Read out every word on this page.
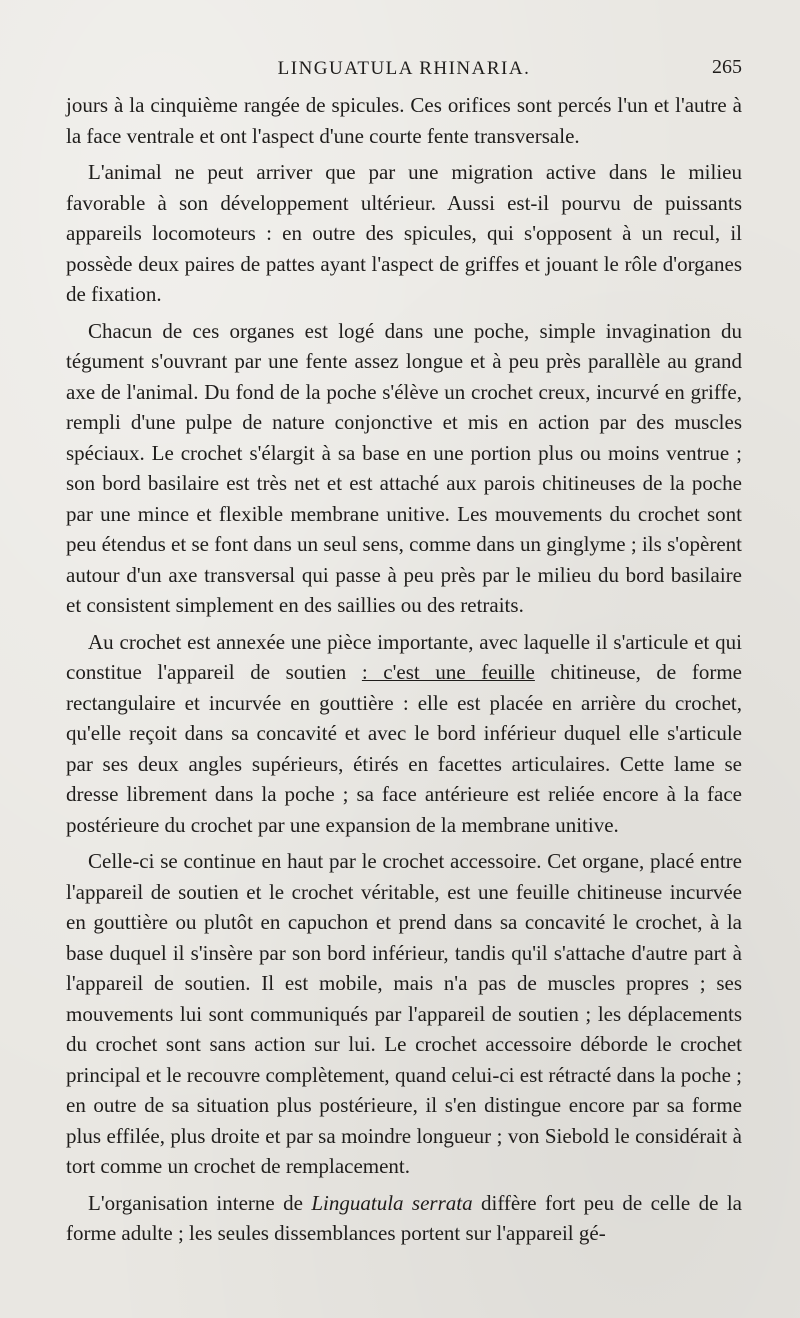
LINGUATULA RHINARIA.	265

jours à la cinquième rangée de spicules. Ces orifices sont percés l'un et l'autre à la face ventrale et ont l'aspect d'une courte fente transversale.

L'animal ne peut arriver que par une migration active dans le milieu favorable à son développement ultérieur. Aussi est-il pourvu de puissants appareils locomoteurs : en outre des spicules, qui s'opposent à un recul, il possède deux paires de pattes ayant l'aspect de griffes et jouant le rôle d'organes de fixation.

Chacun de ces organes est logé dans une poche, simple invagination du tégument s'ouvrant par une fente assez longue et à peu près parallèle au grand axe de l'animal. Du fond de la poche s'élève un crochet creux, incurvé en griffe, rempli d'une pulpe de nature conjonctive et mis en action par des muscles spéciaux. Le crochet s'élargit à sa base en une portion plus ou moins ventrue ; son bord basilaire est très net et est attaché aux parois chitineuses de la poche par une mince et flexible membrane unitive. Les mouvements du crochet sont peu étendus et se font dans un seul sens, comme dans un ginglyme ; ils s'opèrent autour d'un axe transversal qui passe à peu près par le milieu du bord basilaire et consistent simplement en des saillies ou des retraits.

Au crochet est annexée une pièce importante, avec laquelle il s'articule et qui constitue l'appareil de soutien : c'est une feuille chitineuse, de forme rectangulaire et incurvée en gouttière : elle est placée en arrière du crochet, qu'elle reçoit dans sa concavité et avec le bord inférieur duquel elle s'articule par ses deux angles supérieurs, étirés en facettes articulaires. Cette lame se dresse librement dans la poche ; sa face antérieure est reliée encore à la face postérieure du crochet par une expansion de la membrane unitive.

Celle-ci se continue en haut par le crochet accessoire. Cet organe, placé entre l'appareil de soutien et le crochet véritable, est une feuille chitineuse incurvée en gouttière ou plutôt en capuchon et prend dans sa concavité le crochet, à la base duquel il s'insère par son bord inférieur, tandis qu'il s'attache d'autre part à l'appareil de soutien. Il est mobile, mais n'a pas de muscles propres ; ses mouvements lui sont communiqués par l'appareil de soutien ; les déplacements du crochet sont sans action sur lui. Le crochet accessoire déborde le crochet principal et le recouvre complètement, quand celui-ci est rétracté dans la poche ; en outre de sa situation plus postérieure, il s'en distingue encore par sa forme plus effilée, plus droite et par sa moindre longueur ; von Siebold le considérait à tort comme un crochet de remplacement.

L'organisation interne de Linguatula serrata diffère fort peu de celle de la forme adulte ; les seules dissemblances portent sur l'appareil gé-
